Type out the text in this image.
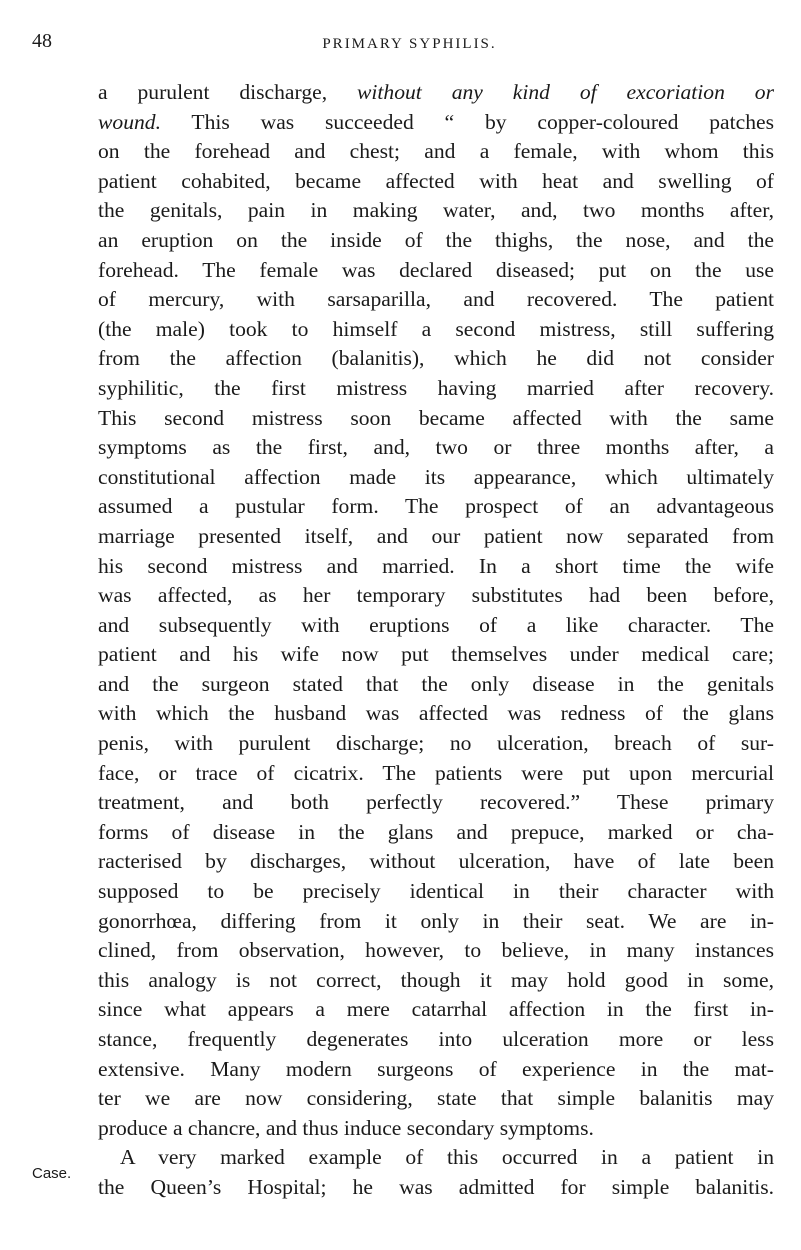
48	PRIMARY SYPHILIS.
Case.
a purulent discharge, without any kind of excoriation or
wound. This was succeeded “ by copper-coloured patches
on the forehead and chest; and a female, with whom this
patient cohabited, became affected with heat and swelling of
the genitals, pain in making water, and, two months after,
an eruption on the inside of the thighs, the nose, and the
forehead. The female was declared diseased; put on the use
of mercury, with sarsaparilla, and recovered. The patient
(the male) took to himself a second mistress, still suffering
from the affection (balanitis), which he did not consider
syphilitic, the first mistress having married after recovery.
This second mistress soon became affected with the same
symptoms as the first, and, two or three months after, a
constitutional affection made its appearance, which ultimately
assumed a pustular form. The prospect of an advantageous
marriage presented itself, and our patient now separated from
his second mistress and married. In a short time the wife
was affected, as her temporary substitutes had been before,
and subsequently with eruptions of a like character. The
patient and his wife now put themselves under medical care;
and the surgeon stated that the only disease in the genitals
with which the husband was affected was redness of the glans
penis, with purulent discharge; no ulceration, breach of sur-
face, or trace of cicatrix. The patients were put upon mercurial
treatment, and both perfectly recovered.” These primary
forms of disease in the glans and prepuce, marked or cha-
racterised by discharges, without ulceration, have of late been
supposed to be precisely identical in their character with
gonorrhœa, differing from it only in their seat. We are in-
clined, from observation, however, to believe, in many instances
this analogy is not correct, though it may hold good in some,
since what appears a mere catarrhal affection in the first in-
stance, frequently degenerates into ulceration more or less
extensive. Many modern surgeons of experience in the mat-
ter we are now considering, state that simple balanitis may
produce a chancre, and thus induce secondary symptoms.
A very marked example of this occurred in a patient in
the Queen’s Hospital; he was admitted for simple balanitis.
